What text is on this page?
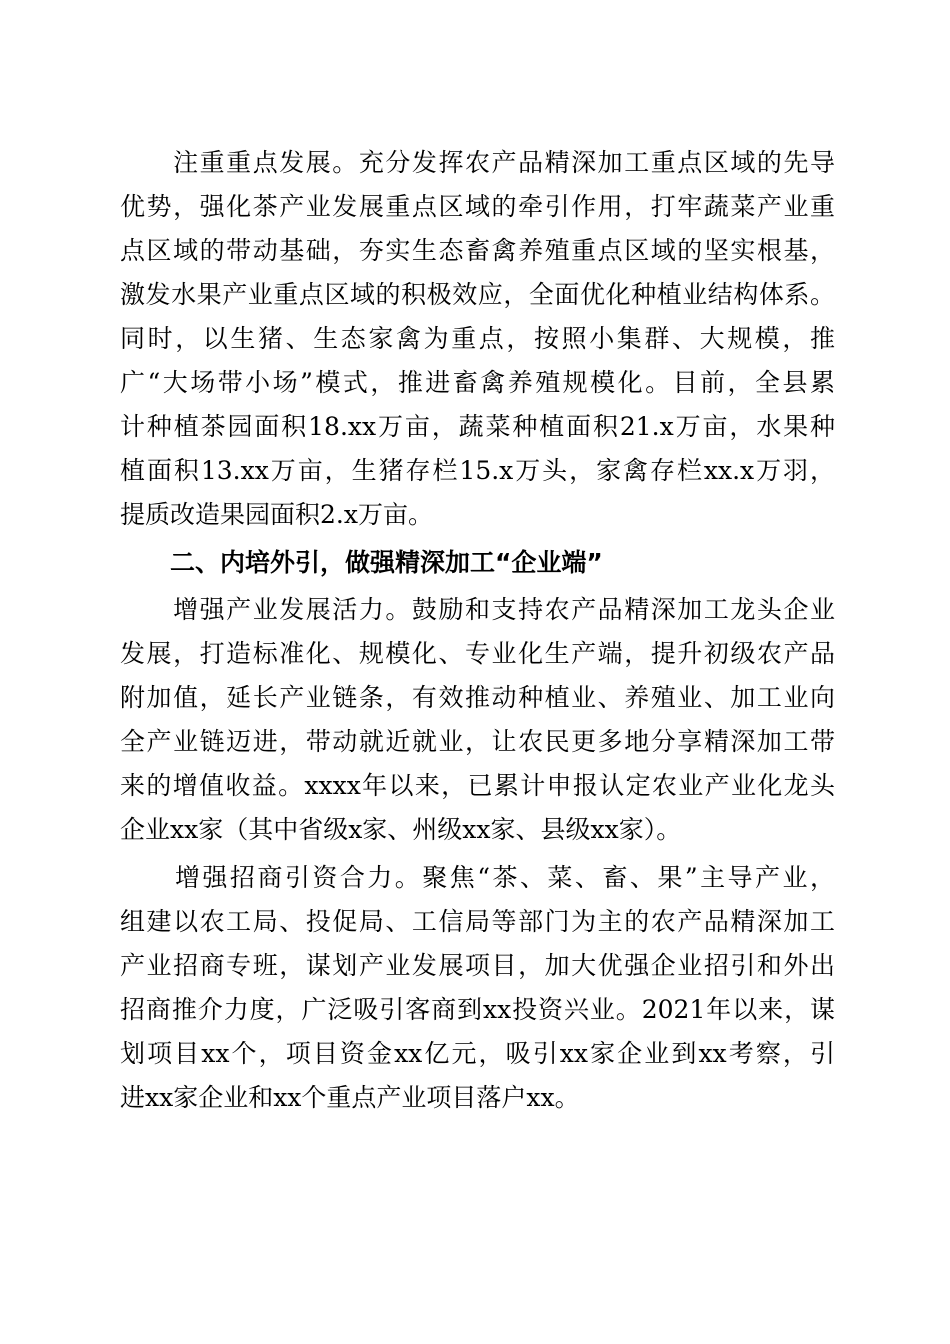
　　注重重点发展。充分发挥农产品精深加工重点区域的先导
优势，强化茶产业发展重点区域的牵引作用，打牢蔬菜产业重
点区域的带动基础，夯实生态畜禽养殖重点区域的坚实根基，
激发水果产业重点区域的积极效应，全面优化种植业结构体系。
同时，以生猪、生态家禽为重点，按照小集群、大规模，推
广“大场带小场”模式，推进畜禽养殖规模化。目前，全县累
计种植茶园面积18.xx万亩，蔬菜种植面积21.x万亩，水果种
植面积13.xx万亩，生猪存栏15.x万头，家禽存栏xx.x万羽，
提质改造果园面积2.x万亩。
　　二、内培外引，做强精深加工“企业端”
　　增强产业发展活力。鼓励和支持农产品精深加工龙头企业
发展，打造标准化、规模化、专业化生产端，提升初级农产品
附加值，延长产业链条，有效推动种植业、养殖业、加工业向
全产业链迈进，带动就近就业，让农民更多地分享精深加工带
来的增值收益。xxxx年以来，已累计申报认定农业产业化龙头
企业xx家（其中省级x家、州级xx家、县级xx家）。
　　增强招商引资合力。聚焦“茶、菜、畜、果”主导产业，
组建以农工局、投促局、工信局等部门为主的农产品精深加工
产业招商专班，谋划产业发展项目，加大优强企业招引和外出
招商推介力度，广泛吸引客商到xx投资兴业。2021年以来，谋
划项目xx个，项目资金xx亿元，吸引xx家企业到xx考察，引
进xx家企业和xx个重点产业项目落户xx。
